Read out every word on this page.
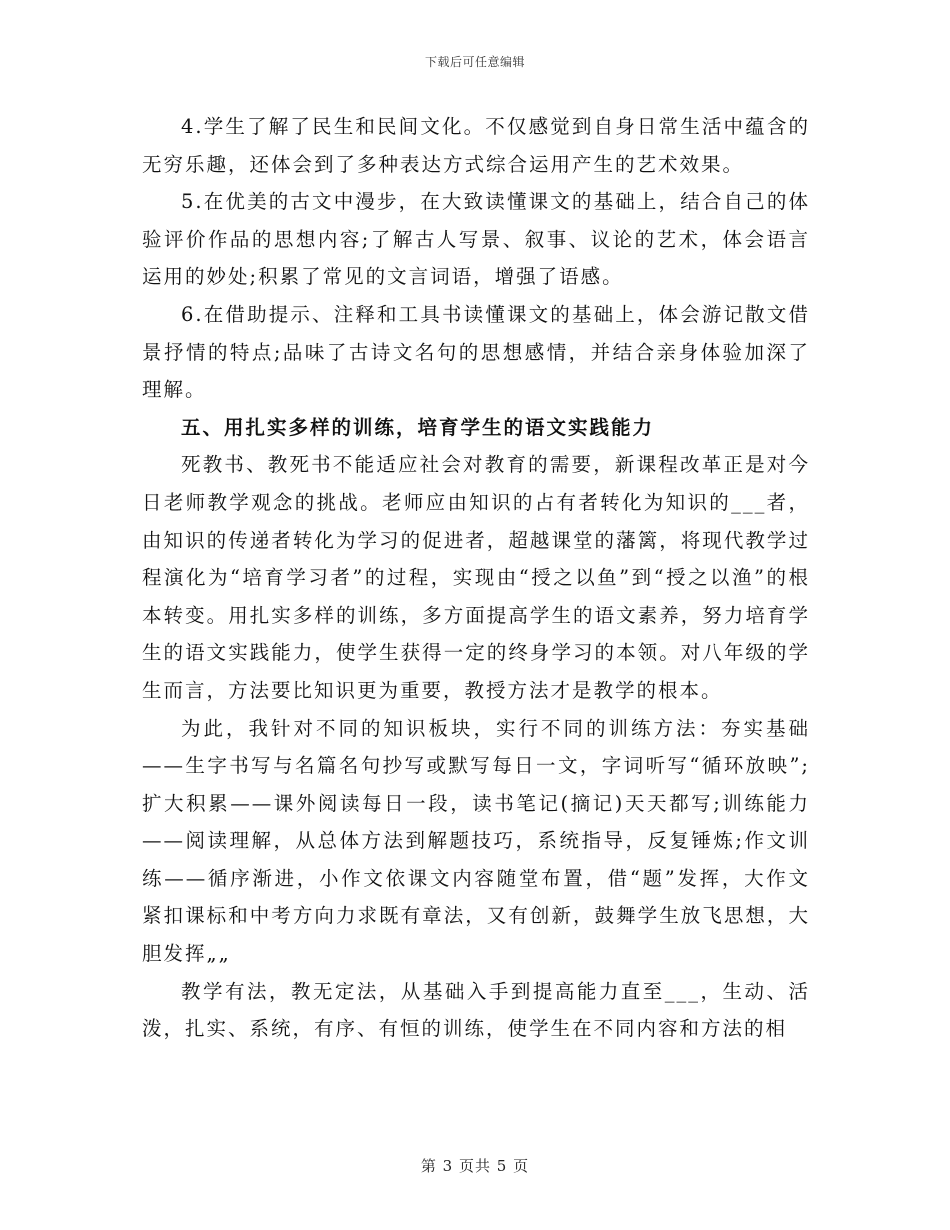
下载后可任意编辑

4.学生了解了民生和民间文化。不仅感觉到自身日常生活中蕴含的无穷乐趣，还体会到了多种表达方式综合运用产生的艺术效果。

5.在优美的古文中漫步，在大致读懂课文的基础上，结合自己的体验评价作品的思想内容;了解古人写景、叙事、议论的艺术，体会语言运用的妙处;积累了常见的文言词语，增强了语感。

6.在借助提示、注释和工具书读懂课文的基础上，体会游记散文借景抒情的特点;品味了古诗文名句的思想感情，并结合亲身体验加深了理解。

五、用扎实多样的训练，培育学生的语文实践能力

死教书、教死书不能适应社会对教育的需要，新课程改革正是对今日老师教学观念的挑战。老师应由知识的占有者转化为知识的___者，由知识的传递者转化为学习的促进者，超越课堂的藩篱，将现代教学过程演化为“培育学习者”的过程，实现由“授之以鱼”到“授之以渔”的根本转变。用扎实多样的训练，多方面提高学生的语文素养，努力培育学生的语文实践能力，使学生获得一定的终身学习的本领。对八年级的学生而言，方法要比知识更为重要，教授方法才是教学的根本。

为此，我针对不同的知识板块，实行不同的训练方法：夯实基础——生字书写与名篇名句抄写或默写每日一文，字词听写“循环放映”;扩大积累——课外阅读每日一段，读书笔记(摘记)天天都写;训练能力——阅读理解，从总体方法到解题技巧，系统指导，反复锤炼;作文训练——循序渐进，小作文依课文内容随堂布置，借“题”发挥，大作文紧扣课标和中考方向力求既有章法，又有创新，鼓舞学生放飞思想，大胆发挥„„

教学有法，教无定法，从基础入手到提高能力直至___，生动、活泼，扎实、系统，有序、有恒的训练，使学生在不同内容和方法的相

第 3 页共 5 页
